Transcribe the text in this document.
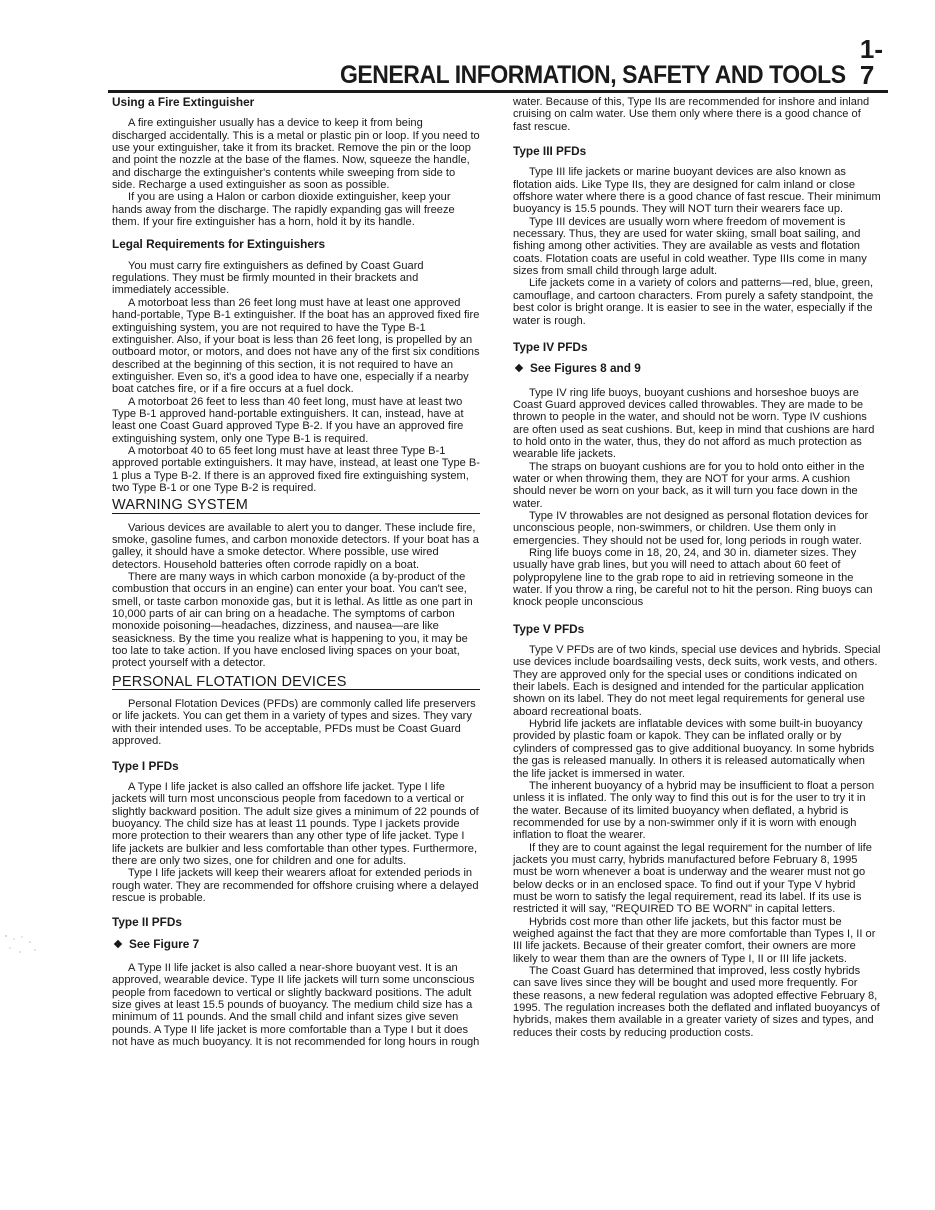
GENERAL INFORMATION, SAFETY AND TOOLS
1-7
Using a Fire Extinguisher

A fire extinguisher usually has a device to keep it from being discharged accidentally. This is a metal or plastic pin or loop. If you need to use your extinguisher, take it from its bracket. Remove the pin or the loop and point the nozzle at the base of the flames. Now, squeeze the handle, and discharge the extinguisher's contents while sweeping from side to side. Recharge a used extinguisher as soon as possible.

If you are using a Halon or carbon dioxide extinguisher, keep your hands away from the discharge. The rapidly expanding gas will freeze them. If your fire extinguisher has a horn, hold it by its handle.

Legal Requirements for Extinguishers

You must carry fire extinguishers as defined by Coast Guard regulations. They must be firmly mounted in their brackets and immediately accessible.

A motorboat less than 26 feet long must have at least one approved hand-portable, Type B-1 extinguisher. If the boat has an approved fixed fire extinguishing system, you are not required to have the Type B-1 extinguisher. Also, if your boat is less than 26 feet long, is propelled by an outboard motor, or motors, and does not have any of the first six conditions described at the beginning of this section, it is not required to have an extinguisher. Even so, it's a good idea to have one, especially if a nearby boat catches fire, or if a fire occurs at a fuel dock.

A motorboat 26 feet to less than 40 feet long, must have at least two Type B-1 approved hand-portable extinguishers. It can, instead, have at least one Coast Guard approved Type B-2. If you have an approved fire extinguishing system, only one Type B-1 is required.

A motorboat 40 to 65 feet long must have at least three Type B-1 approved portable extinguishers. It may have, instead, at least one Type B-1 plus a Type B-2. If there is an approved fixed fire extinguishing system, two Type B-1 or one Type B-2 is required.

WARNING SYSTEM

Various devices are available to alert you to danger. These include fire, smoke, gasoline fumes, and carbon monoxide detectors. If your boat has a galley, it should have a smoke detector. Where possible, use wired detectors. Household batteries often corrode rapidly on a boat.

There are many ways in which carbon monoxide (a by-product of the combustion that occurs in an engine) can enter your boat. You can't see, smell, or taste carbon monoxide gas, but it is lethal. As little as one part in 10,000 parts of air can bring on a headache. The symptoms of carbon monoxide poisoning—headaches, dizziness, and nausea—are like seasickness. By the time you realize what is happening to you, it may be too late to take action. If you have enclosed living spaces on your boat, protect yourself with a detector.

PERSONAL FLOTATION DEVICES

Personal Flotation Devices (PFDs) are commonly called life preservers or life jackets. You can get them in a variety of types and sizes. They vary with their intended uses. To be acceptable, PFDs must be Coast Guard approved.

Type I PFDs

A Type I life jacket is also called an offshore life jacket. Type I life jackets will turn most unconscious people from facedown to a vertical or slightly backward position. The adult size gives a minimum of 22 pounds of buoyancy. The child size has at least 11 pounds. Type I jackets provide more protection to their wearers than any other type of life jacket. Type I life jackets are bulkier and less comfortable than other types. Furthermore, there are only two sizes, one for children and one for adults.

Type I life jackets will keep their wearers afloat for extended periods in rough water. They are recommended for offshore cruising where a delayed rescue is probable.

Type II PFDs
See Figure 7

A Type II life jacket is also called a near-shore buoyant vest. It is an approved, wearable device. Type II life jackets will turn some unconscious people from facedown to vertical or slightly backward positions. The adult size gives at least 15.5 pounds of buoyancy. The medium child size has a minimum of 11 pounds. And the small child and infant sizes give seven pounds. A Type II life jacket is more comfortable than a Type I but it does not have as much buoyancy. It is not recommended for long hours in rough

water. Because of this, Type IIs are recommended for inshore and inland cruising on calm water. Use them only where there is a good chance of fast rescue.

Type III PFDs

Type III life jackets or marine buoyant devices are also known as flotation aids. Like Type IIs, they are designed for calm inland or close offshore water where there is a good chance of fast rescue. Their minimum buoyancy is 15.5 pounds. They will NOT turn their wearers face up.

Type III devices are usually worn where freedom of movement is necessary. Thus, they are used for water skiing, small boat sailing, and fishing among other activities. They are available as vests and flotation coats. Flotation coats are useful in cold weather. Type IIIs come in many sizes from small child through large adult.

Life jackets come in a variety of colors and patterns—red, blue, green, camouflage, and cartoon characters. From purely a safety standpoint, the best color is bright orange. It is easier to see in the water, especially if the water is rough.

Type IV PFDs
See Figures 8 and 9

Type IV ring life buoys, buoyant cushions and horseshoe buoys are Coast Guard approved devices called throwables. They are made to be thrown to people in the water, and should not be worn. Type IV cushions are often used as seat cushions. But, keep in mind that cushions are hard to hold onto in the water, thus, they do not afford as much protection as wearable life jackets.

The straps on buoyant cushions are for you to hold onto either in the water or when throwing them, they are NOT for your arms. A cushion should never be worn on your back, as it will turn you face down in the water.

Type IV throwables are not designed as personal flotation devices for unconscious people, non-swimmers, or children. Use them only in emergencies. They should not be used for, long periods in rough water.

Ring life buoys come in 18, 20, 24, and 30 in. diameter sizes. They usually have grab lines, but you will need to attach about 60 feet of polypropylene line to the grab rope to aid in retrieving someone in the water. If you throw a ring, be careful not to hit the person. Ring buoys can knock people unconscious

Type V PFDs

Type V PFDs are of two kinds, special use devices and hybrids. Special use devices include boardsailing vests, deck suits, work vests, and others. They are approved only for the special uses or conditions indicated on their labels. Each is designed and intended for the particular application shown on its label. They do not meet legal requirements for general use aboard recreational boats.

Hybrid life jackets are inflatable devices with some built-in buoyancy provided by plastic foam or kapok. They can be inflated orally or by cylinders of compressed gas to give additional buoyancy. In some hybrids the gas is released manually. In others it is released automatically when the life jacket is immersed in water.

The inherent buoyancy of a hybrid may be insufficient to float a person unless it is inflated. The only way to find this out is for the user to try it in the water. Because of its limited buoyancy when deflated, a hybrid is recommended for use by a non-swimmer only if it is worn with enough inflation to float the wearer.

If they are to count against the legal requirement for the number of life jackets you must carry, hybrids manufactured before February 8, 1995 must be worn whenever a boat is underway and the wearer must not go below decks or in an enclosed space. To find out if your Type V hybrid must be worn to satisfy the legal requirement, read its label. If its use is restricted it will say, "REQUIRED TO BE WORN" in capital letters.

Hybrids cost more than other life jackets, but this factor must be weighed against the fact that they are more comfortable than Types I, II or III life jackets. Because of their greater comfort, their owners are more likely to wear them than are the owners of Type I, II or III life jackets.

The Coast Guard has determined that improved, less costly hybrids can save lives since they will be bought and used more frequently. For these reasons, a new federal regulation was adopted effective February 8, 1995. The regulation increases both the deflated and inflated buoyancys of hybrids, makes them available in a greater variety of sizes and types, and reduces their costs by reducing production costs.
